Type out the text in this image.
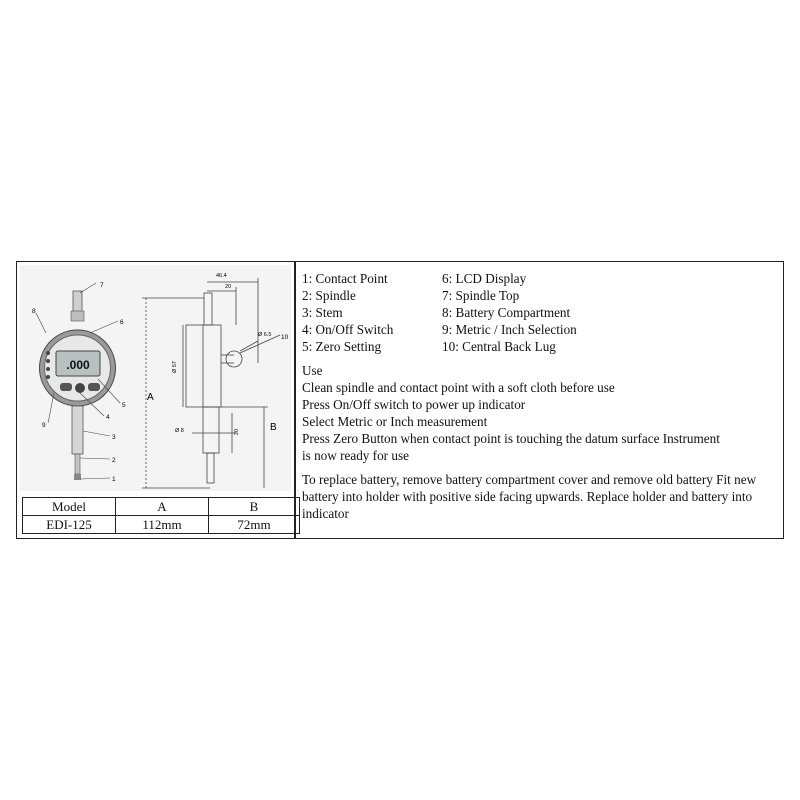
.000
7
6
8
5
4
9
3
2
1
46.4
20
Ø 6.5 10
Ø 57
Ø 8	20
A
B
Model	A	B
EDI-125	112mm	72mm
1: Contact Point	6: LCD Display
2: Spindle	7: Spindle Top
3: Stem	8: Battery Compartment
4: On/Off Switch	9: Metric / Inch Selection
5: Zero Setting	10: Central Back Lug
Use
Clean spindle and contact point with a soft cloth before use
Press On/Off switch to power up indicator
Select Metric or Inch measurement
Press Zero Button when contact point is touching the datum surface Instrument
is now ready for use
To replace battery, remove battery compartment cover and remove old battery Fit new battery into holder with positive side facing upwards. Replace holder and battery into indicator
